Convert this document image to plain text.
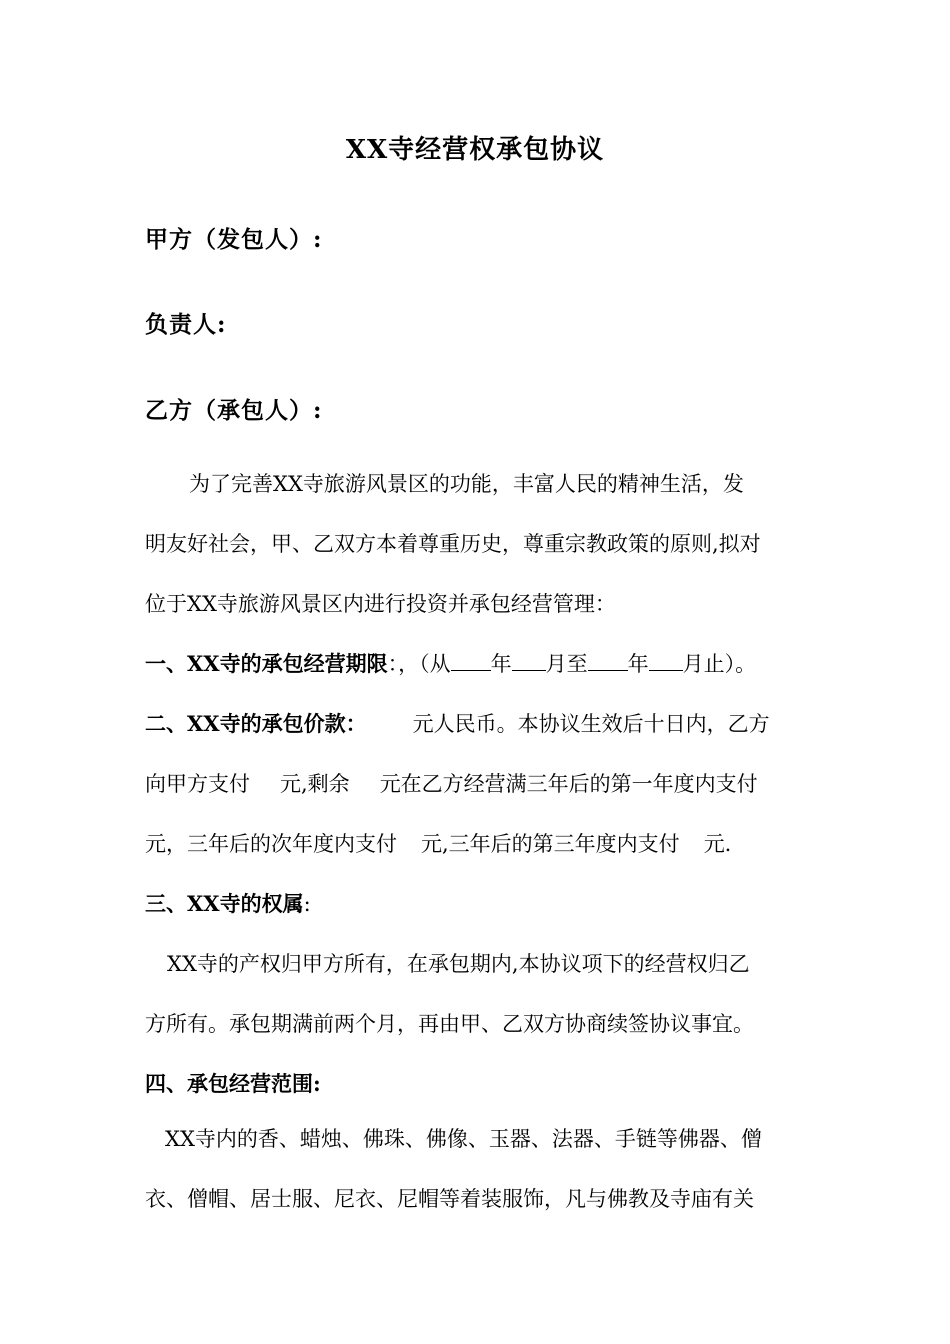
XX寺经营权承包协议
甲方（发包人）:
负责人:
乙方（承包人）:
为了完善XX寺旅游风景区的功能，丰富人民的精神生活，发
明友好社会，甲、乙双方本着尊重历史，尊重宗教政策的原则,拟对
位于XX寺旅游风景区内进行投资并承包经营管理：
一、XX寺的承包经营期限：，（从 年 月至 年 月止）。
二、XX寺的承包价款： 元人民币。本协议生效后十日内，乙方
向甲方支付 元,剩余 元在乙方经营满三年后的第一年度内支付
元，三年后的次年度内支付 元,三年后的第三年度内支付 元.
三、XX寺的权属:
XX寺的产权归甲方所有，在承包期内,本协议项下的经营权归乙
方所有。承包期满前两个月，再由甲、乙双方协商续签协议事宜。
四、承包经营范围:
XX寺内的香、蜡烛、佛珠、佛像、玉器、法器、手链等佛器、僧
衣、僧帽、居士服、尼衣、尼帽等着装服饰，凡与佛教及寺庙有关
